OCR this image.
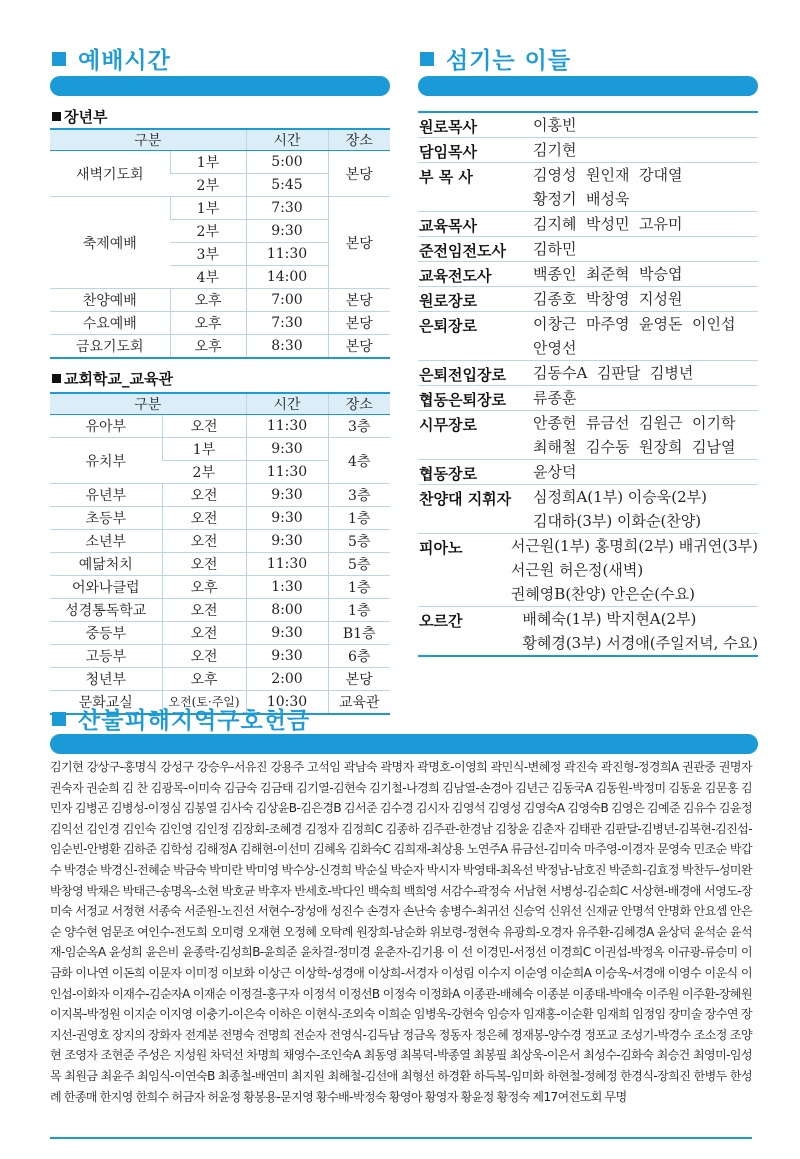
예배시간
장년부
구분		시간	장소
새벽기도회	1부	5:00	본당
	2부	5:45	
축제예배	1부	7:30	본당
	2부	9:30	
	3부	11:30	
	4부	14:00	
찬양예배	오후	7:00	본당
수요예배	오후	7:30	본당
금요기도회	오후	8:30	본당
교회학교_교육관
구분		시간	장소
유아부	오전	11:30	3층
유치부	1부	9:30	4층
	2부	11:30	
유년부	오전	9:30	3층
초등부	오전	9:30	1층
소년부	오전	9:30	5층
예닮처치	오전	11:30	5층
어와나클럽	오후	1:30	1층
성경통독학교	오전	8:00	1층
중등부	오전	9:30	B1층
고등부	오전	9:30	6층
청년부	오후	2:00	본당
문화교실	오전(토·주일)	10:30	교육관
섬기는 이들
원로목사	이홍빈
담임목사	김기현
부 목 사	김영성  원인재  강대열
황정기  배성욱
교육목사	김지혜  박성민  고유미
준전임전도사	김하민
교육전도사	백종인  최준혁  박승엽
원로장로	김종호  박창영  지성원
은퇴장로	이창근  마주영  윤영돈  이인섭
안영선
은퇴전입장로	김동수A  김판달  김병년
협동은퇴장로	류종훈
시무장로	안종헌  류금선  김원근  이기학
최해철  김수동  원장희  김남열
협동장로	윤상덕
찬양대 지휘자	심정희A(1부) 이승욱(2부)
김대하(3부) 이화순(찬양)
피아노	서근원(1부) 홍명희(2부) 배귀연(3부)
서근원 허은정(새벽)
권혜영B(찬양) 안은순(수요)
오르간	배혜숙(1부) 박지현A(2부)
황혜경(3부) 서경애(주일저녁, 수요)
산불피해지역구호헌금
김기현 강상구-홍명식 강성구 강승우-서유진 강용주 고석임 곽남숙 곽명자 곽명호-이영희 곽민식-변혜정 곽진숙 곽진형-정경희A 권관중 권명자 권숙자 권순희 김 찬 김광목-이미숙 김금숙 김금태 김기열-김현숙 김기철-나경희 김남열-손경아 김년근 김동국A 김동원-박정미 김동윤 김문홍 김민자 김병곤 김병성-이정심 김봉열 김사숙 김상윤B-김은경B 김서준 김수경 김시자 김영석 김영성 김영숙A 김영숙B 김영은 김예준 김유수 김윤정 김익선 김인경 김인숙 김인영 김인정 김장회-조혜경 김정자 김정희C 김종하 김주관-한경남 김창윤 김춘자 김태관 김판달-김병년-김복현-김진섭-임순빈-안병환 김하준 김학성 김해정A 김해현-이선미 김혜옥 김화숙C 김희재-최상용 노연주A 류금선-김미숙 마주영-이경자 문영숙 민조순 박갑수 박경순 박경신-전혜순 박금숙 박미란 박미영 박수상-신경희 박순실 박순자 박시자 박영태-최옥선 박정남-남호진 박준희-김효정 박찬두-성미완 박창영 박채은 박태근-송명옥-소현 박호균 박후자 반세호-박다인 백숙희 백희영 서감수-곽정숙 서남현 서병성-김순희C 서상현-배경애 서영도-장미숙 서정교 서정현 서종숙 서준원-노진선 서현수-장성애 성진수 손경자 손난숙 송병수-최귀선 신승억 신위선 신재균 안명석 안명화 안요셉 안은순 양수현 엄문조 여인수-전도희 오미령 오재현 오정혜 오탁례 원장희-남순화 위보령-정현숙 유광희-오경자 유주환-김혜경A 윤상덕 윤석순 윤석재-임순옥A 윤성희 윤은비 윤종락-김성희B-윤희준 윤차걸-정미경 윤춘자-김기용 이 선 이경민-서정선 이경희C 이권섭-박정옥 이규광-류승미 이금화 이나연 이돈희 이문자 이미정 이보화 이상근 이상학-성경애 이상희-서경자 이성림 이수지 이순영 이순희A 이승욱-서경애 이영수 이운식 이인섭-이화자 이재수-김순자A 이재순 이정걸-홍구자 이정석 이정선B 이정숙 이정화A 이종관-배혜숙 이종분 이종태-박애숙 이주원 이주환-장혜원 이지복-박정원 이지순 이지영 이충기-이은숙 이하은 이현식-조외숙 이희순 임병욱-강현숙 임승자 임재홍-이순환 임재희 임정임 장미술 장수연 장지선-권영호 장지의 장화자 전계분 전명숙 전명희 전순자 전영식-김득남 정금옥 정동자 정은혜 정재봉-양수경 정포교 조성기-박경수 조소정 조양현 조영자 조현준 주성은 지성원 차덕선 차명희 채영수-조인숙A 최동영 최복덕-박종열 최봉필 최상욱-이은서 최성수-김화숙 최승건 최영미-임성목 최원금 최윤주 최임식-이연숙B 최종철-배연미 최지원 최해철-김선애 최형선 하경환 하득복-임미화 하현철-정혜정 한경식-장희진 한병두 한성례 한종매 한지영 한희수 허금자 허윤정 황봉용-문지영 황수배-박정숙 황영아 황영자 황윤정 황정숙 제17여전도회 무명
